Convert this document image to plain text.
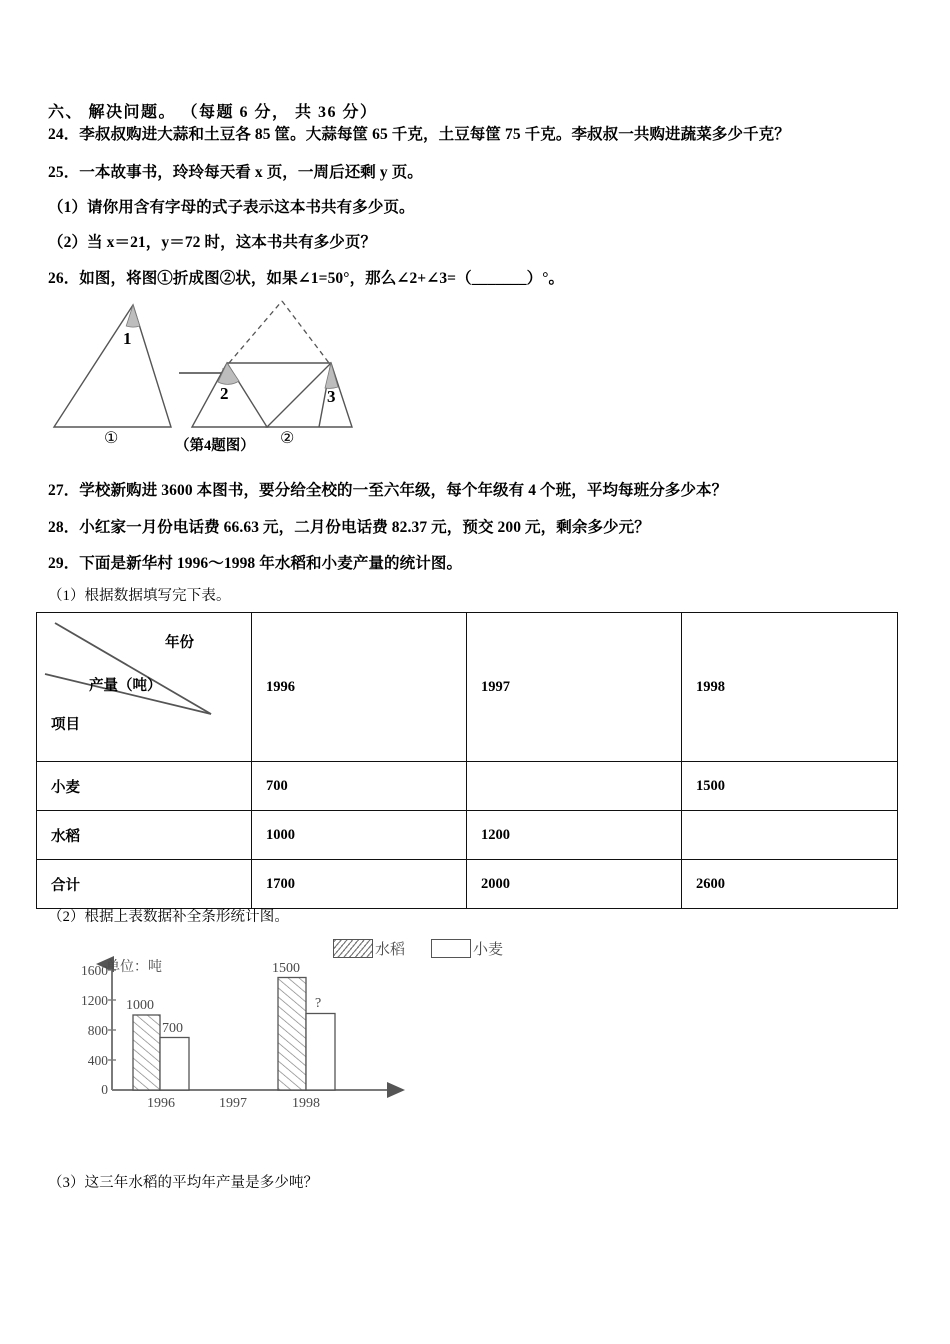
六、 解决问题。 （每题 6 分， 共 36 分）
24．李叔叔购进大蒜和土豆各 85 筐。大蒜每筐 65 千克，土豆每筐 75 千克。李叔叔一共购进蔬菜多少千克？
25．一本故事书，玲玲每天看 x 页，一周后还剩 y 页。
（1）请你用含有字母的式子表示这本书共有多少页。
（2）当 x＝21，y＝72 时，这本书共有多少页？
26．如图，将图①折成图②状，如果∠1=50°，那么∠2+∠3=（_______）°。
1
2	3
①	②
（第4题图）
27．学校新购进 3600 本图书，要分给全校的一至六年级，每个年级有 4 个班，平均每班分多少本？
28．小红家一月份电话费 66.63 元，二月份电话费 82.37 元，预交 200 元，剩余多少元？
29．下面是新华村 1996～1998 年水稻和小麦产量的统计图。
（1）根据数据填写完下表。
年份
产量（吨）
项目	1996	1997	1998
小麦	700		1500
水稻	1000	1200	
合计	1700	2000	2600
（2）根据上表数据补全条形统计图。
水稻	小麦
单位：吨
1600
1200
800
400
0
1000
700
1500
?
1996	1997	1998
（3）这三年水稻的平均年产量是多少吨？
